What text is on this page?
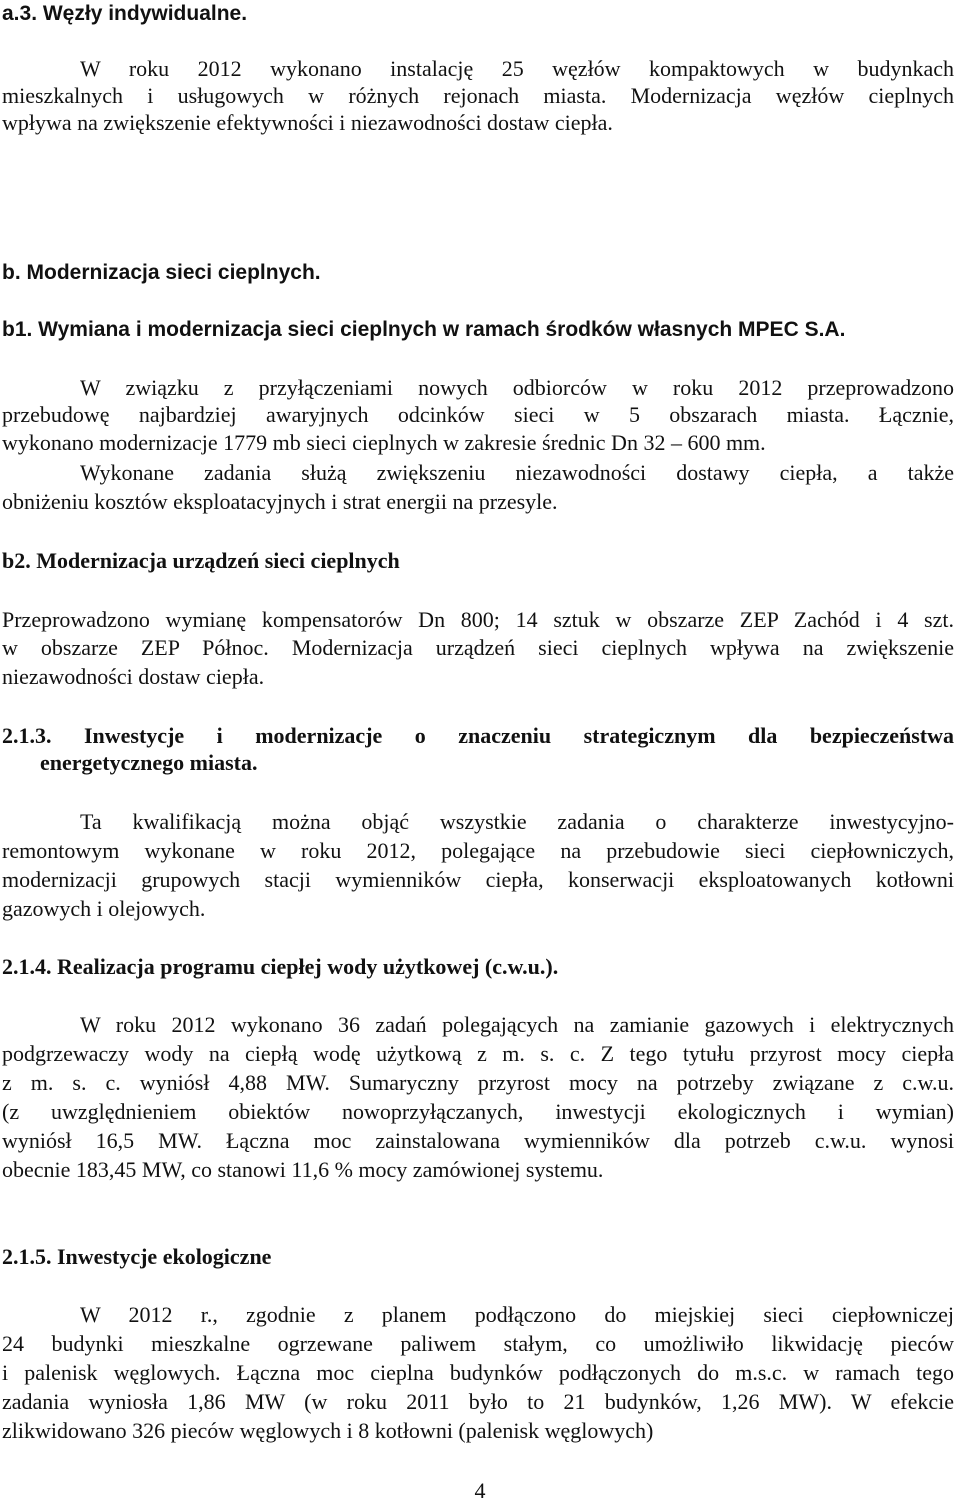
a.3. Węzły indywidualne.
W roku 2012 wykonano instalację 25 węzłów kompaktowych w budynkach
mieszkalnych i usługowych w różnych rejonach miasta. Modernizacja węzłów cieplnych
wpływa na zwiększenie efektywności i niezawodności dostaw ciepła.
b. Modernizacja sieci cieplnych.
b1. Wymiana i modernizacja sieci cieplnych w ramach środków własnych MPEC S.A.
W związku z przyłączeniami nowych odbiorców w roku 2012 przeprowadzono
przebudowę najbardziej awaryjnych odcinków sieci w 5 obszarach miasta. Łącznie,
wykonano modernizacje 1779 mb sieci cieplnych w zakresie średnic Dn 32 – 600 mm.
Wykonane zadania służą zwiększeniu niezawodności dostawy ciepła, a także
obniżeniu kosztów eksploatacyjnych i strat energii na przesyle.
b2. Modernizacja urządzeń sieci cieplnych
Przeprowadzono wymianę kompensatorów Dn 800; 14 sztuk w obszarze ZEP Zachód i 4 szt.
w obszarze ZEP Północ. Modernizacja urządzeń sieci cieplnych wpływa na zwiększenie
niezawodności dostaw ciepła.
2.1.3. Inwestycje i modernizacje o znaczeniu strategicznym dla bezpieczeństwa
energetycznego miasta.
Ta kwalifikacją można objąć wszystkie zadania o charakterze inwestycyjno-
remontowym wykonane w roku 2012, polegające na przebudowie sieci ciepłowniczych,
modernizacji grupowych stacji wymienników ciepła, konserwacji eksploatowanych kotłowni
gazowych i olejowych.
2.1.4. Realizacja programu ciepłej wody użytkowej (c.w.u.).
W roku 2012 wykonano 36 zadań polegających na zamianie gazowych i elektrycznych
podgrzewaczy wody na ciepłą wodę użytkową z m. s. c. Z tego tytułu przyrost mocy ciepła
z m. s. c. wyniósł 4,88 MW. Sumaryczny przyrost mocy na potrzeby związane z c.w.u.
(z uwzględnieniem obiektów nowoprzyłączanych, inwestycji ekologicznych i wymian)
wyniósł 16,5 MW. Łączna moc zainstalowana wymienników dla potrzeb c.w.u. wynosi
obecnie 183,45 MW, co stanowi 11,6 % mocy zamówionej systemu.
2.1.5. Inwestycje ekologiczne
W 2012 r., zgodnie z planem podłączono do miejskiej sieci ciepłowniczej
24 budynki mieszkalne ogrzewane paliwem stałym, co umożliwiło likwidację pieców
i palenisk węglowych. Łączna moc cieplna budynków podłączonych do m.s.c. w ramach tego
zadania wyniosła 1,86 MW (w roku 2011 było to 21 budynków, 1,26 MW). W efekcie
zlikwidowano 326 pieców węglowych i 8 kotłowni (palenisk węglowych)
4
